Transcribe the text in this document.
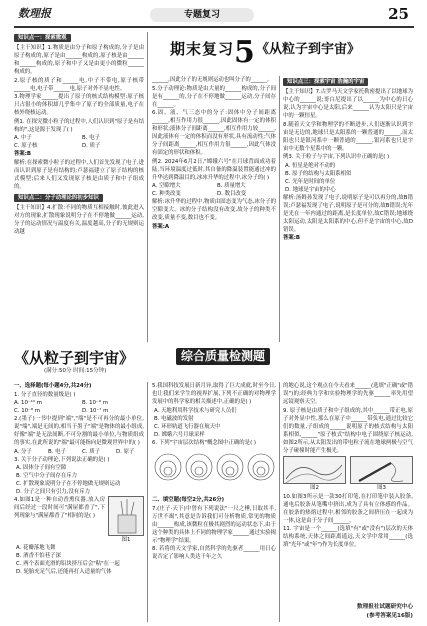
数理报	专题复习	25
知识点一：探索微观

【主干知识】1.物质是由分子和原子构成的,分子是由原子构成的,原子是由______构成的,原子核是由______和______构成的,原子和中子又是由更小的微粒______构成的。

2.原子核的质子和______电,中子不带电,原子核带______电,电子带______电,原子对外不显电性。

3.物理学家______提出了原子的核式结构模型:原子核只占很小的体积却几乎集中了原子的全部质量,电子在核外绕核运动。

例1. 在探究微小粒子的过程中,人们认识到"原子是有结构的",这是源于发现了( )

A. 中子	B. 电子
C. 原子核	D. 质子

答案:B

解析:在探索微小粒子的过程中,人们首先发现了电子,进而认识到原子是有结构的;卢瑟福建立了原子结构的核式模型;后来人们又发现原子核是由质子和中子组成的。

知识点二：分子动理论的初步知识

【主干知识】4.扩散:不同的物质互相接触时,彼此进入对方的现象,扩散现象说明分子在不停地做______运动,分子的运动情况与温度有关,温度越高,分子的无规则运动越

期末复习 5 《从粒子到宇宙》

______,因此分子的无规则运动也叫分子的______。

5.分子动理论:物质是由大量的______构成的,分子间是有______的,分子在不停地做______运动,分子间存在______。

6.固、液、气三态中的分子:固体中分子间距离______,相互作用力很______,因此固体有一定的体积和形状;液体分子间距离______,相互作用力较______,因此液体有一定的体积而没有形状,具有流动性;气体分子间距离______,相互作用力很______,因此气体没有固定的形状和体积。

例2. 2024年6月2日,"嫦娥六号"在月球背面成功着陆,当环境温度过低时,其自备的降温装置能通过冲的升华达到降温目的,冰冰升华的过程中,冰分子的( )

A. 空隙增大	B. 质量增大
C. 种类改变	D. 数目改变

解析:冰升华的过程中,物质由固态变为气态,冰分子的空隙变大。冰的分子结构没有改变,故分子的种类不改变,质量不变,数目也不变。

答案:A

知识点三：探索宇宙 浩瀚的宇宙

【主干知识】7.古罗马天文学家托勒密提出了以地球为中心的______说;哥白尼提出了以______为中心的日心说,认为宇宙中心是太阳,后来______认为太阳只是宇宙中的一颗恒星。

8.随着天文学和物理学的不断进步,人们逐渐认识到宇宙是无边的,地球只是太阳系的一颗普通的______,而太阳也只是银河系中一颗普通的______,银河系也只是宇宙中无数个星系中的一颗。

例3. 关于粒子与宇宙,下列认识中正确的是( )

A. 恒星是绝对不动的
B. 原子的结构与太阳系相似
C. 光年是时间的单位
D. 地球是宇宙的中心

解析:汤姆孙发现了电子,说明原子是可以再分的,故B错误;卢瑟福发现了电子,说明原子是可分的,故B错误;光年是光在一年内通过的距离,是长度单位,故C错误;地球绕太阳运动,太阳是太阳系的中心,但不是宇宙的中心,故D错误。

答案:B

《从粒子到宇宙》	综合质量检测题
(满分:50分 时间:15分钟)

一、选择题(每小题4分,共24分)

1. 分子直径的数量级是( )

A. 10⁻¹⁰ m	B. 10⁻⁹ m
C. 10⁻⁸ m	D. 10⁻⁷ m

2.(墨子)一书中提到"端","端"是不可再分的最小单位,说"端",端是无间的,相当于墨子"端"是物体的最小组成,好像"端"是无法间断,不可分割的最小单位,与物质组成的事实,在此所说的"端"最可能指向是微观世界中的( )

A. 分子	B. 电子	C. 质子	D. 原子

3. 关于分子动理论,下列说法正确的是( )

A. 固体分子间有空隙
B. 空气中分子间存在斥力
C. 扩散现象说明分子在不停地做无规则运动
D. 分子之间只有引力,没有斥力

4.如图1是一种自动香熏仪器,放入房间后经过一段时间可"满屋都香了",下列现象与"满屋都香了"相同的是( )

图1
A. 花瓣落地飞舞
B. 酒香不怕巷子深
C. 两个表面光滑的铅块挤压后会"粘"在一起
D. 轮胎充足气后,还能再打入适量的气体

5.我国科技发展日新月异,取得了巨大成就,时至今日,也让我们来学生的视界扩展,下列不正确的对物理学发展中的科学家的相关描述中,正确的是( )

A. 天地利用科学技术与研究人员们
B. 电磁波的发射
C. 环形轨道飞行器在航天中
D. 嫦娥六号月球采样

6. 下列"宇宙层次结构"概念图中正确的是( )

二、填空题(每空2分,共26分)

7.(庄子·天下)中曾有下列说法"一尺之棰,日取其半,万世不竭",其意是告诉我们可分析物质,常见的物质由______构成,该微粒在极其剧烈的运动状态下,由于这个种类的具体上不同的物理学家______通过实验揭示"物理学"结果。

8. 若将的天文学家,自然科学的先驱者______用日心说否定了影响人类达千年之久

的地心说,这个观点在今天看来______(选填"正确"或"错误")的;经典力学和实验物理学的先驱______率先用望远镜观察天空。

9. 原子核是由质子和中子组成的,其中______带正电,原子对外显中性,那么在原子中______带负电,通过比较它们的数量,子组成的______说明原子的核式结构与太阳系相似,______"原子核式"结构中电子围绕原子核运动,如图2所示,从太阳发出的带电粒子流在地球两极与空气分子碰撞时能产生极光。

图2	图3

10.如图3所示是一款30打印笔,在打印笔中装入胶条,通电后胶条从笔嘴中挤出,成为了具有立体感的作品。在胶条的热熔过程中,相邻的胶条之间挤压在一起成为一体,这是由于分子间______。

11. 宇宙是一个______(选填"有"或"没有")层次的天体结构系统,天体之间距离遥远,天文学中常用______(选填"光年"或"年")作为长度单位。

数理报社试题研究中心
(参考答案见16版)
